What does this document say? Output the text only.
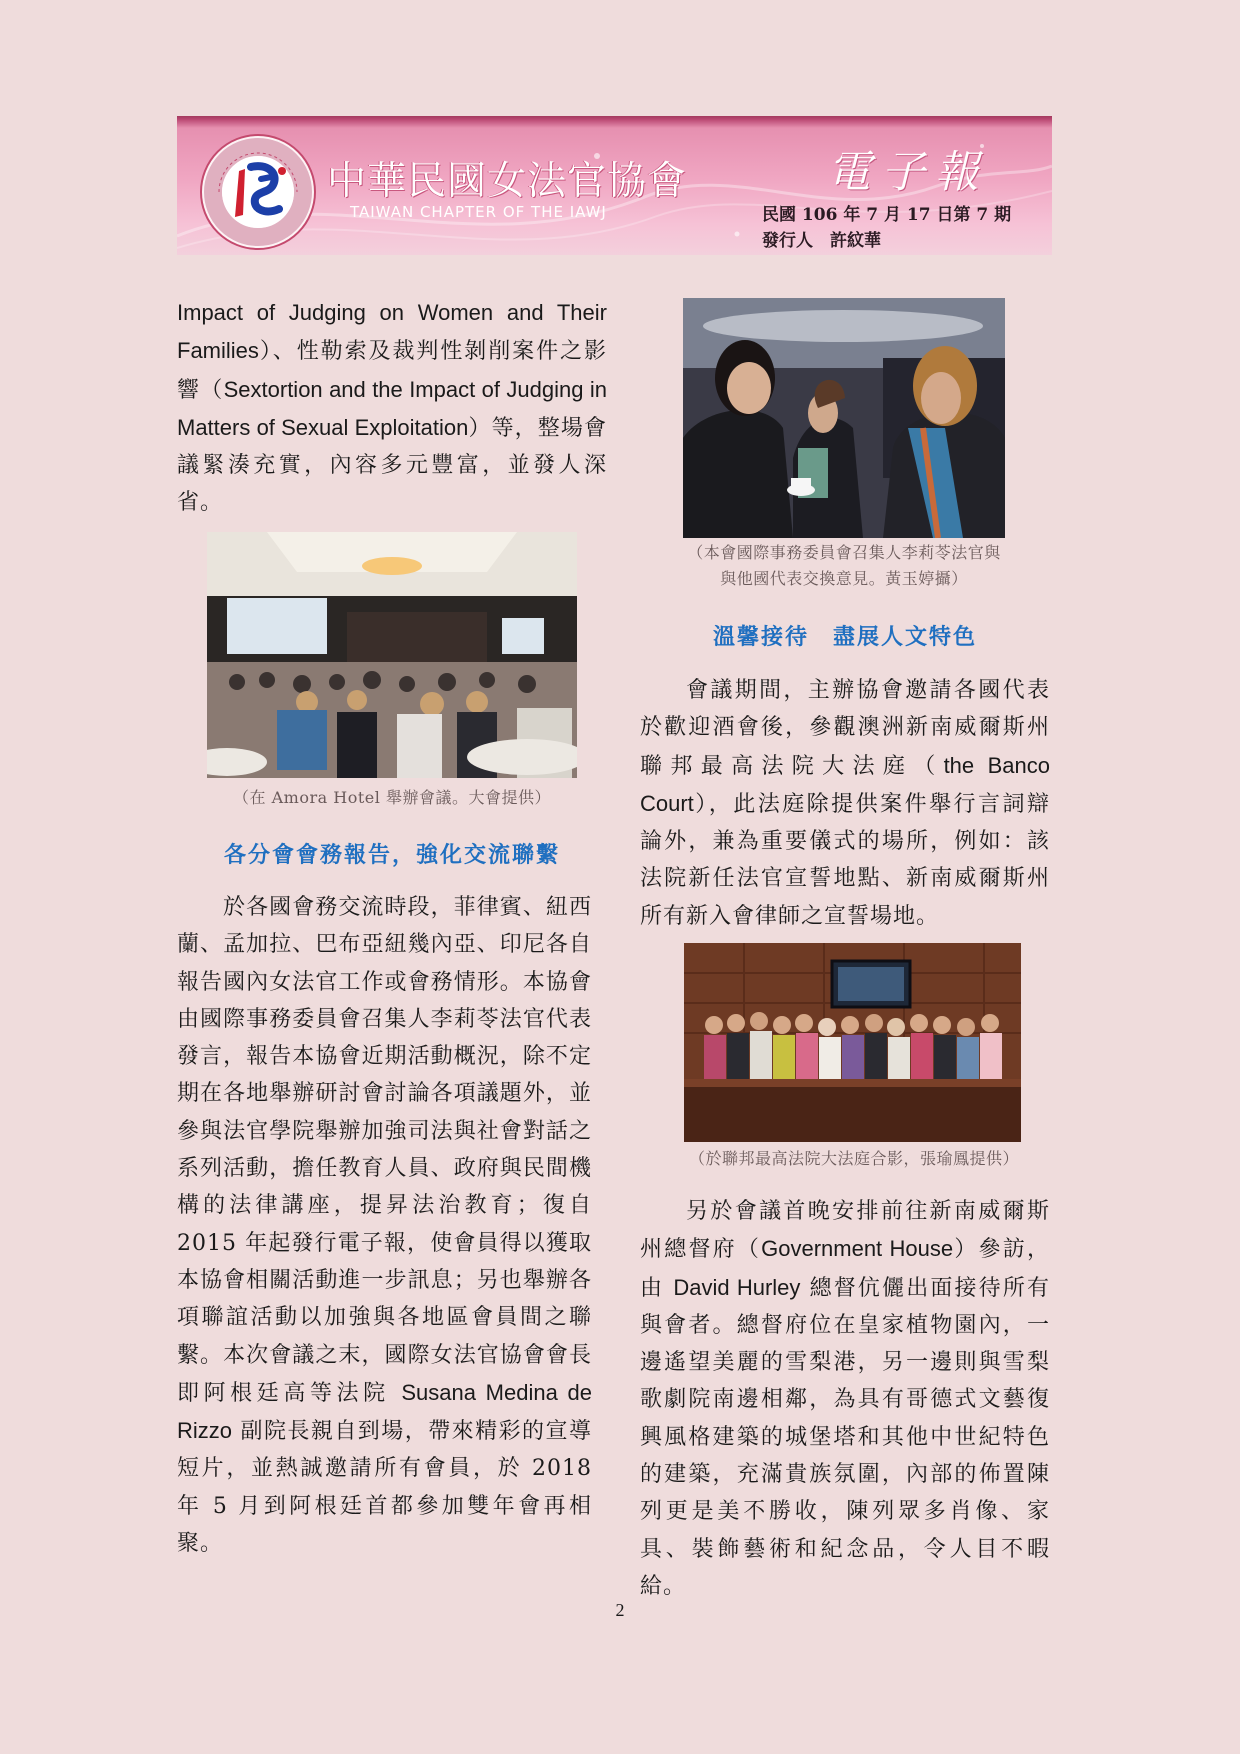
中華民國女法官協會
TAIWAN CHAPTER OF THE IAWJ
電子報
民國 106 年 7 月 17 日第 7 期
發行人　許紋華

Impact of Judging on Women and Their Families）、性勒索及裁判性剝削案件之影響（Sextortion and the Impact of Judging in Matters of Sexual Exploitation）等，整場會議緊湊充實，內容多元豐富，並發人深省。

（在 Amora Hotel 舉辦會議。大會提供）

各分會會務報告，強化交流聯繫

於各國會務交流時段，菲律賓、紐西蘭、孟加拉、巴布亞紐幾內亞、印尼各自報告國內女法官工作或會務情形。本協會由國際事務委員會召集人李莉苓法官代表發言，報告本協會近期活動概況，除不定期在各地舉辦研討會討論各項議題外，並參與法官學院舉辦加強司法與社會對話之系列活動，擔任教育人員、政府與民間機構的法律講座，提昇法治教育；復自 2015 年起發行電子報，使會員得以獲取本協會相關活動進一步訊息；另也舉辦各項聯誼活動以加強與各地區會員間之聯繫。本次會議之末，國際女法官協會會長即阿根廷高等法院 Susana Medina de Rizzo 副院長親自到場，帶來精彩的宣導短片，並熱誠邀請所有會員，於 2018 年 5 月到阿根廷首都參加雙年會再相聚。

（本會國際事務委員會召集人李莉苓法官與與他國代表交換意見。黃玉婷攝）

溫馨接待　盡展人文特色

會議期間，主辦協會邀請各國代表於歡迎酒會後，參觀澳洲新南威爾斯州聯邦最高法院大法庭（the Banco Court），此法庭除提供案件舉行言詞辯論外，兼為重要儀式的場所，例如：該法院新任法官宣誓地點、新南威爾斯州所有新入會律師之宣誓場地。

（於聯邦最高法院大法庭合影，張瑜鳳提供）

另於會議首晚安排前往新南威爾斯州總督府（Government House）參訪，由 David Hurley 總督伉儷出面接待所有與會者。總督府位在皇家植物園內，一邊遙望美麗的雪梨港，另一邊則與雪梨歌劇院南邊相鄰，為具有哥德式文藝復興風格建築的城堡塔和其他中世紀特色的建築，充滿貴族氛圍，內部的佈置陳列更是美不勝收，陳列眾多肖像、家具、裝飾藝術和紀念品，令人目不暇給。

2
